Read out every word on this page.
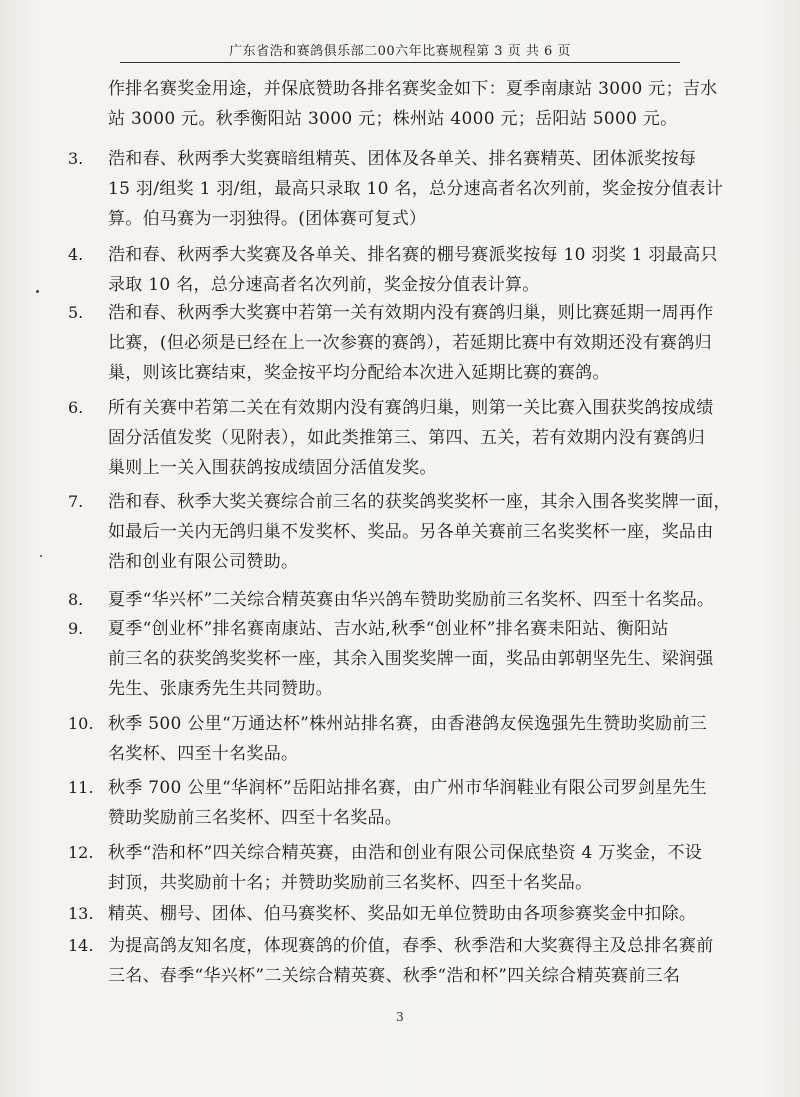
广东省浩和赛鸽俱乐部二00六年比赛规程第 3 页 共 6 页
作排名赛奖金用途，并保底赞助各排名赛奖金如下：夏季南康站 3000 元；吉水
站 3000 元。秋季衡阳站 3000 元；株州站 4000 元；岳阳站 5000 元。
3.	浩和春、秋两季大奖赛暗组精英、团体及各单关、排名赛精英、团体派奖按每
15 羽/组奖 1 羽/组，最高只录取 10 名，总分速高者名次列前，奖金按分值表计
算。伯马赛为一羽独得。(团体赛可复式）
4.	浩和春、秋两季大奖赛及各单关、排名赛的棚号赛派奖按每 10 羽奖 1 羽最高只
录取 10 名，总分速高者名次列前，奖金按分值表计算。
5.	浩和春、秋两季大奖赛中若第一关有效期内没有赛鸽归巢，则比赛延期一周再作
比赛，(但必须是已经在上一次参赛的赛鸽），若延期比赛中有效期还没有赛鸽归
巢，则该比赛结束，奖金按平均分配给本次进入延期比赛的赛鸽。
6.	所有关赛中若第二关在有效期内没有赛鸽归巢，则第一关比赛入围获奖鸽按成绩
固分活值发奖（见附表），如此类推第三、第四、五关，若有效期内没有赛鸽归
巢则上一关入围获鸽按成绩固分活值发奖。
7.	浩和春、秋季大奖关赛综合前三名的获奖鸽奖奖杯一座，其余入围各奖奖牌一面，
如最后一关内无鸽归巢不发奖杯、奖品。另各单关赛前三名奖奖杯一座，奖品由
浩和创业有限公司赞助。
8.	夏季“华兴杯”二关综合精英赛由华兴鸽车赞助奖励前三名奖杯、四至十名奖品。
9.	夏季“创业杯”排名赛南康站、吉水站,秋季“创业杯”排名赛耒阳站、衡阳站
前三名的获奖鸽奖奖杯一座，其余入围奖奖牌一面，奖品由郭朝坚先生、梁润强
先生、张康秀先生共同赞助。
10. 秋季 500 公里“万通达杯”株州站排名赛，由香港鸽友侯逸强先生赞助奖励前三
名奖杯、四至十名奖品。
11. 秋季 700 公里“华润杯”岳阳站排名赛，由广州市华润鞋业有限公司罗剑星先生
赞助奖励前三名奖杯、四至十名奖品。
12. 秋季“浩和杯”四关综合精英赛，由浩和创业有限公司保底垫资 4 万奖金，不设
封顶，共奖励前十名；并赞助奖励前三名奖杯、四至十名奖品。
13. 精英、棚号、团体、伯马赛奖杯、奖品如无单位赞助由各项参赛奖金中扣除。
14. 为提高鸽友知名度，体现赛鸽的价值，春季、秋季浩和大奖赛得主及总排名赛前
三名、春季“华兴杯”二关综合精英赛、秋季“浩和杯”四关综合精英赛前三名
3
